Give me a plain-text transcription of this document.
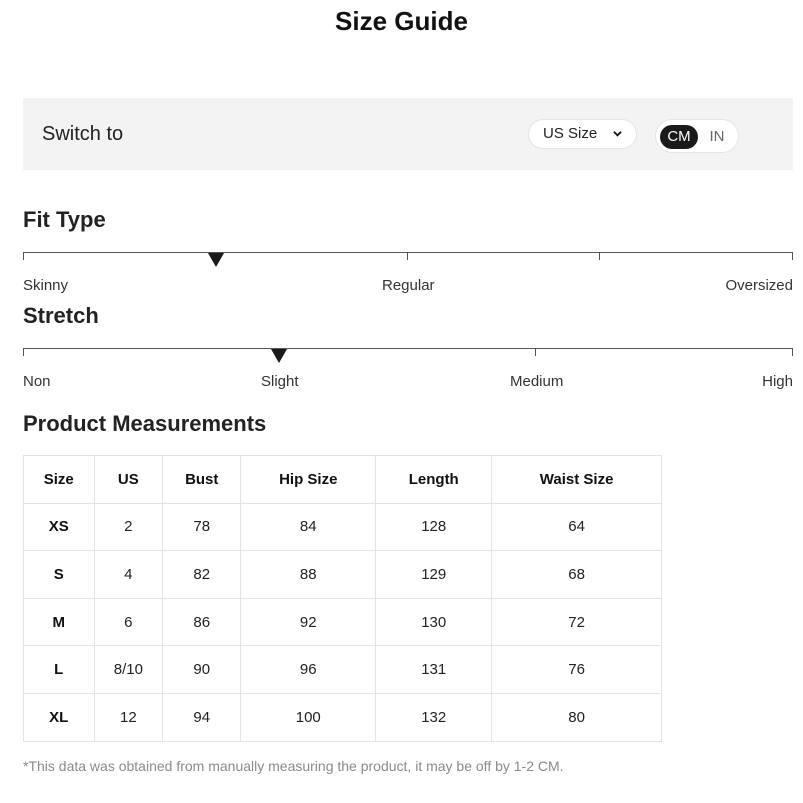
Size Guide
Switch to	US Size	CM	IN
Fit Type
Skinny	Regular	Oversized
Stretch
Non	Slight	Medium	High
Product Measurements
Size	US	Bust	Hip Size	Length	Waist Size
XS	2	78	84	128	64
S	4	82	88	129	68
M	6	86	92	130	72
L	8/10	90	96	131	76
XL	12	94	100	132	80
*This data was obtained from manually measuring the product, it may be off by 1-2 CM.
